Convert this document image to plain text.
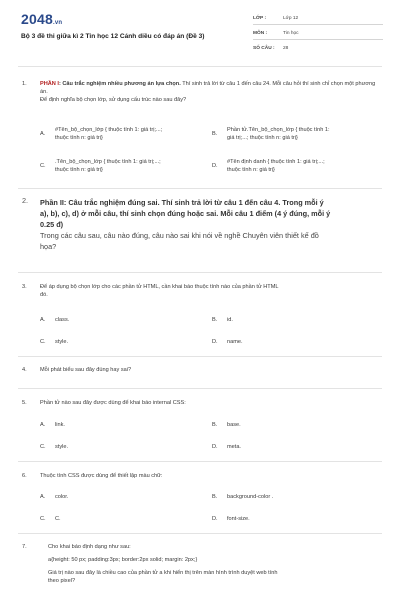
2048.vn
Bộ 3 đề thi giữa kì 2 Tin học 12 Cánh diều có đáp án (Đề 3)
LỚP :	Lớp 12
MÔN :	Tin học
SỐ CÂU : 28
1. PHẦN I: Câu trắc nghiệm nhiều phương án lựa chọn. Thí sinh trả lời từ câu 1 đến câu 24. Mỗi câu hỏi thí sinh chỉ chọn một phương án.
Để định nghĩa bộ chọn lớp, sử dụng cấu trúc nào sau đây?
A.
#Tên_bộ_chọn_lớp { thuộc tính 1: giá trị;...;
thuộc tính n: giá trị}
B.
Phần tử.Tên_bộ_chọn_lớp { thuộc tính 1:
giá trị;...; thuộc tính n: giá trị}
C.
.Tên_bộ_chọn_lớp { thuộc tính 1: giá trị;...;
thuộc tính n: giá trị}
D.
#Tên định danh { thuộc tính 1: giá trị;...;
thuộc tính n: giá trị}
2. Phần II: Câu trắc nghiệm đúng sai. Thí sinh trả lời từ câu 1 đến câu 4. Trong mỗi ý
a), b), c), d) ở mỗi câu, thí sinh chọn đúng hoặc sai. Mỗi câu 1 điểm (4 ý đúng, mỗi ý
0.25 đ)
Trong các câu sau, câu nào đúng, câu nào sai khi nói về nghề Chuyên viên thiết kế đồ
họa?
3. Để áp dụng bộ chọn lớp cho các phần tử HTML, cần khai báo thuộc tính nào của phần tử HTML
đó.
A. class.	B. id.
C. style.	D. name.
4. Mỗi phát biểu sau đây đúng hay sai?
5. Phần tử nào sau đây được dùng để khai báo internal CSS:
A. link.	B. base.
C. style.	D. meta.
6. Thuộc tính CSS được dùng để thiết lập màu chữ:
A. color.	B. background-color .
C. C.	D. font-size.
7.	Cho khai báo định dạng như sau:

a{height: 50 px; padding:3px; border:2px solid; margin: 2px;}

Giá trị nào sau đây là chiều cao của phần tử a khi hiển thị trên màn hình trình duyệt web tính
theo pixel?
